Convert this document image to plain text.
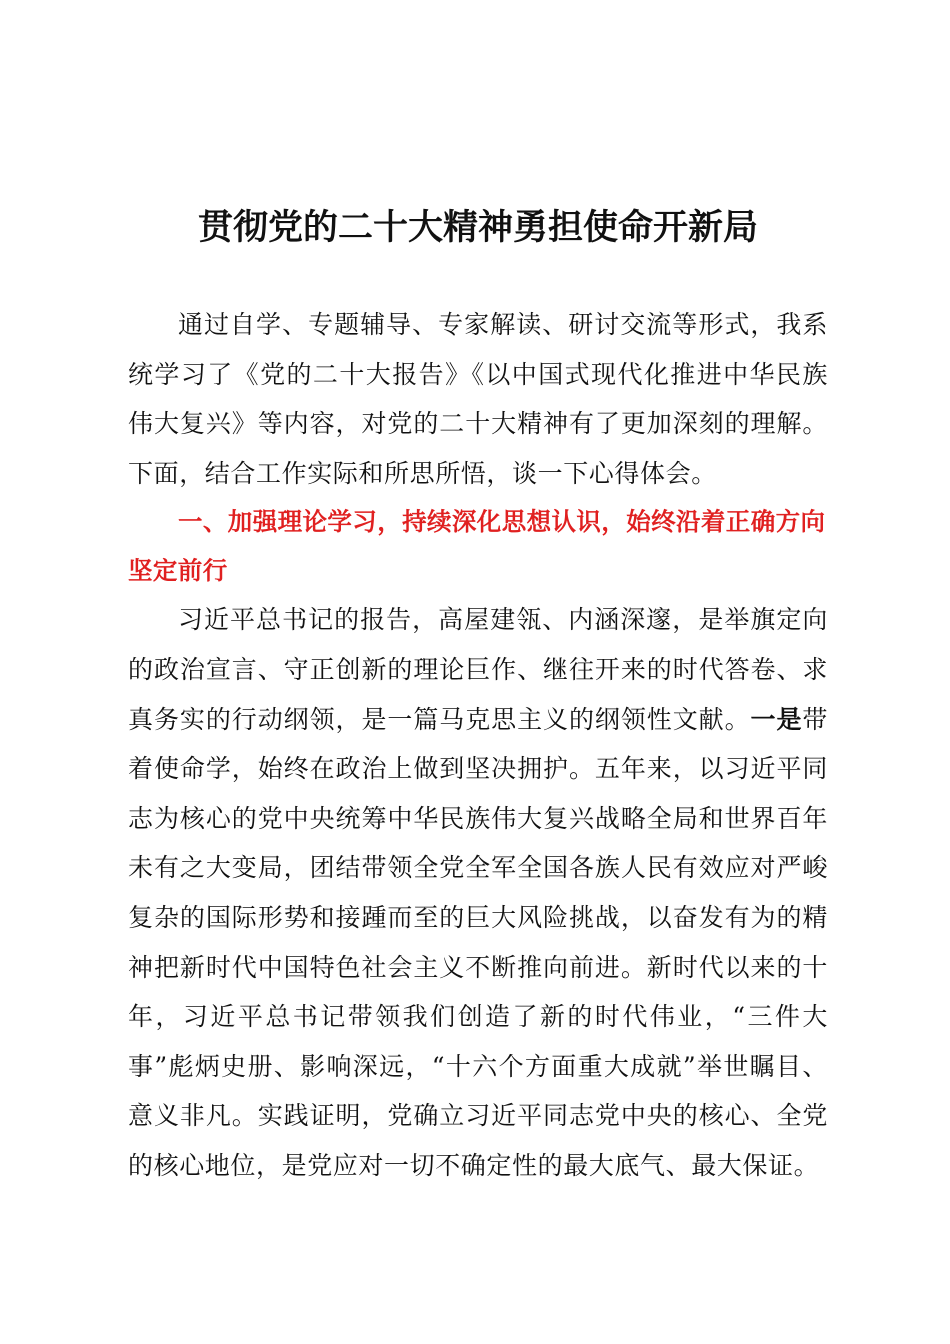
贯彻党的二十大精神勇担使命开新局

通过自学、专题辅导、专家解读、研讨交流等形式，我系统学习了《党的二十大报告》《以中国式现代化推进中华民族伟大复兴》等内容，对党的二十大精神有了更加深刻的理解。下面，结合工作实际和所思所悟，谈一下心得体会。

一、加强理论学习，持续深化思想认识，始终沿着正确方向坚定前行

习近平总书记的报告，高屋建瓴、内涵深邃，是举旗定向的政治宣言、守正创新的理论巨作、继往开来的时代答卷、求真务实的行动纲领，是一篇马克思主义的纲领性文献。一是带着使命学，始终在政治上做到坚决拥护。五年来，以习近平同志为核心的党中央统筹中华民族伟大复兴战略全局和世界百年未有之大变局，团结带领全党全军全国各族人民有效应对严峻复杂的国际形势和接踵而至的巨大风险挑战，以奋发有为的精神把新时代中国特色社会主义不断推向前进。新时代以来的十年，习近平总书记带领我们创造了新的时代伟业，“三件大事”彪炳史册、影响深远，“十六个方面重大成就”举世瞩目、意义非凡。实践证明，党确立习近平同志党中央的核心、全党的核心地位，是党应对一切不确定性的最大底气、最大保证。
